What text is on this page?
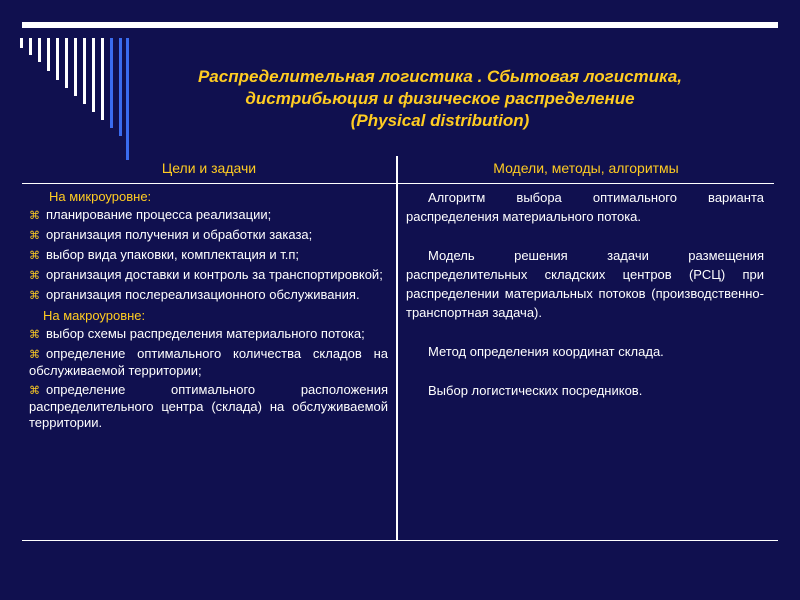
Распределительная логистика . Сбытовая логистика,
дистрибьюция и физическое распределение
(Physical distribution)
Цели и задачи	Модели, методы, алгоритмы
На микроуровне:
⌘ планирование процесса реализации;
⌘ организация получения и обработки заказа;
⌘ выбор вида упаковки, комплектация и т.п;
⌘ организация доставки и контроль за транспортировкой;
⌘ организация послереализационного обслуживания.
На макроуровне:
⌘ выбор схемы распределения материального потока;
⌘ определение оптимального количества складов на обслуживаемой территории;
⌘ определение оптимального расположения распределительного центра (склада) на обслуживаемой территории.
Алгоритм выбора оптимального варианта распределения материального потока.
Модель решения задачи размещения распределительных складских центров (РСЦ) при распределении материальных потоков (производственно-транспортная задача).
Метод определения координат склада.
Выбор логистических посредников.
